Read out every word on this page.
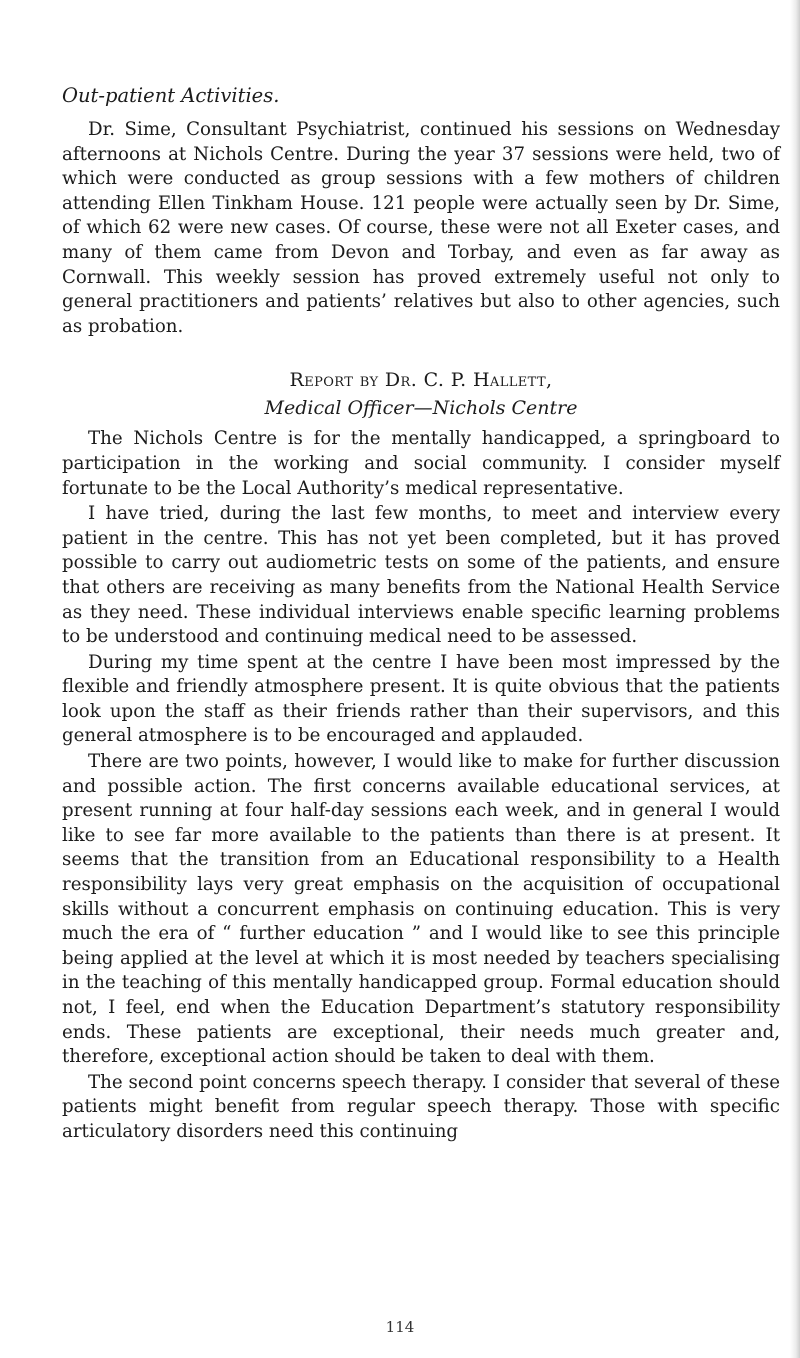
Out-patient Activities.

Dr. Sime, Consultant Psychiatrist, continued his sessions on Wednesday afternoons at Nichols Centre. During the year 37 sessions were held, two of which were conducted as group sessions with a few mothers of children attending Ellen Tinkham House. 121 people were actually seen by Dr. Sime, of which 62 were new cases. Of course, these were not all Exeter cases, and many of them came from Devon and Torbay, and even as far away as Cornwall. This weekly session has proved extremely useful not only to general practitioners and patients’ relatives but also to other agencies, such as probation.

Report by Dr. C. P. Hallett,
Medical Officer—Nichols Centre

The Nichols Centre is for the mentally handicapped, a springboard to participation in the working and social community. I consider myself fortunate to be the Local Authority’s medical representative.

I have tried, during the last few months, to meet and interview every patient in the centre. This has not yet been completed, but it has proved possible to carry out audiometric tests on some of the patients, and ensure that others are receiving as many benefits from the National Health Service as they need. These individual interviews enable specific learning problems to be understood and continuing medical need to be assessed.

During my time spent at the centre I have been most impressed by the flexible and friendly atmosphere present. It is quite obvious that the patients look upon the staff as their friends rather than their supervisors, and this general atmosphere is to be encouraged and applauded.

There are two points, however, I would like to make for further discussion and possible action. The first concerns available educational services, at present running at four half-day sessions each week, and in general I would like to see far more available to the patients than there is at present. It seems that the transition from an Educational responsibility to a Health responsibility lays very great emphasis on the acquisition of occupational skills without a concurrent emphasis on continuing education. This is very much the era of “ further education ” and I would like to see this principle being applied at the level at which it is most needed by teachers specialising in the teaching of this mentally handicapped group. Formal education should not, I feel, end when the Education Department’s statutory responsibility ends. These patients are exceptional, their needs much greater and, therefore, exceptional action should be taken to deal with them.

The second point concerns speech therapy. I consider that several of these patients might benefit from regular speech therapy. Those with specific articulatory disorders need this continuing

114
